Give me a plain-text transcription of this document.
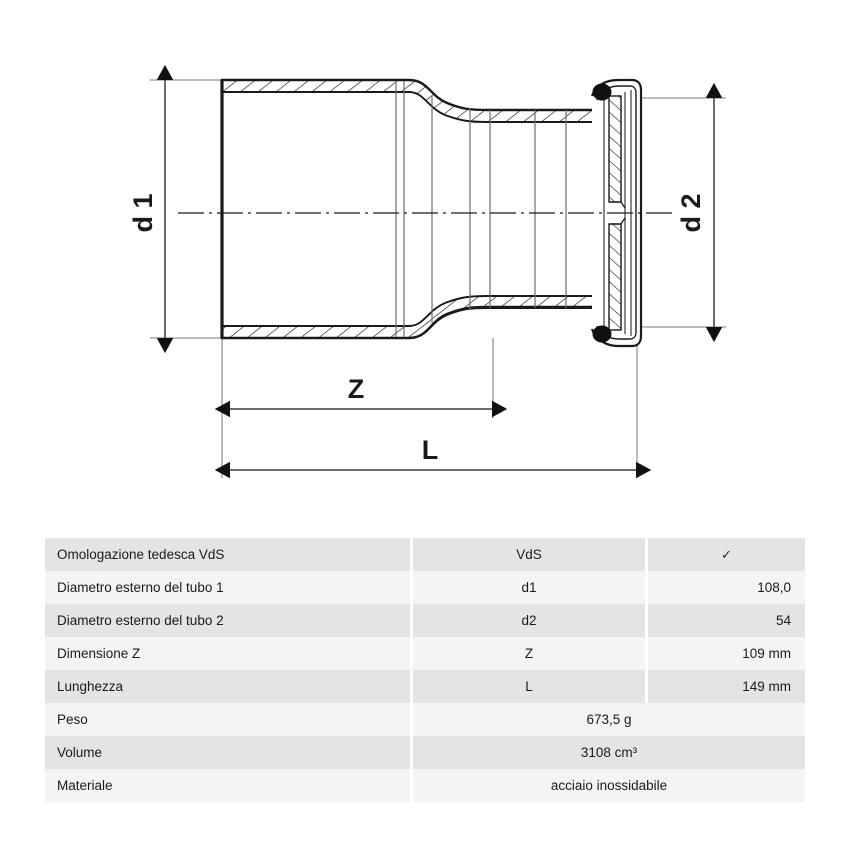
d 1	d 2
Z
L
Omologazione tedesca VdS	VdS	✓
Diametro esterno del tubo 1	d1	108,0
Diametro esterno del tubo 2	d2	54
Dimensione Z	Z	109 mm
Lunghezza	L	149 mm
Peso	673,5 g
Volume	3108 cm³
Materiale	acciaio inossidabile
